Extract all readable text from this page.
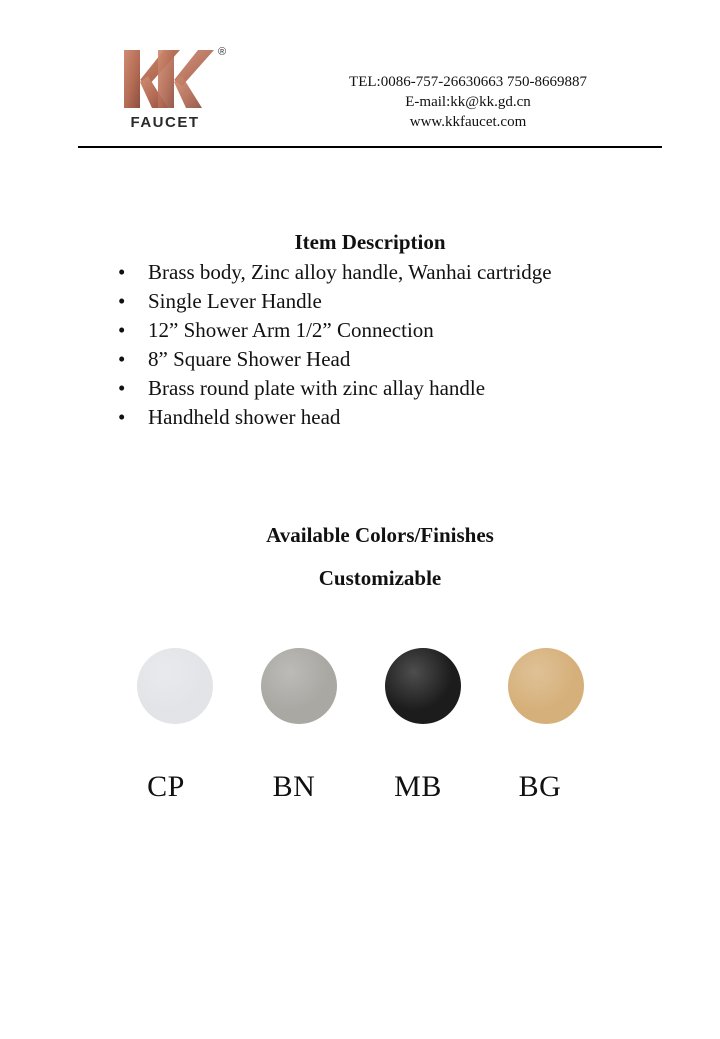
®
FAUCET
TEL:0086-757-26630663 750-8669887
E-mail:kk@kk.gd.cn
www.kkfaucet.com
Item Description
•	Brass body, Zinc alloy handle, Wanhai cartridge
•	Single Lever Handle
•	12” Shower Arm 1/2” Connection
•	8” Square Shower Head
•	Brass round plate with zinc allay handle
•	Handheld shower head
Available Colors/Finishes
Customizable
CP	BN	MB	BG
